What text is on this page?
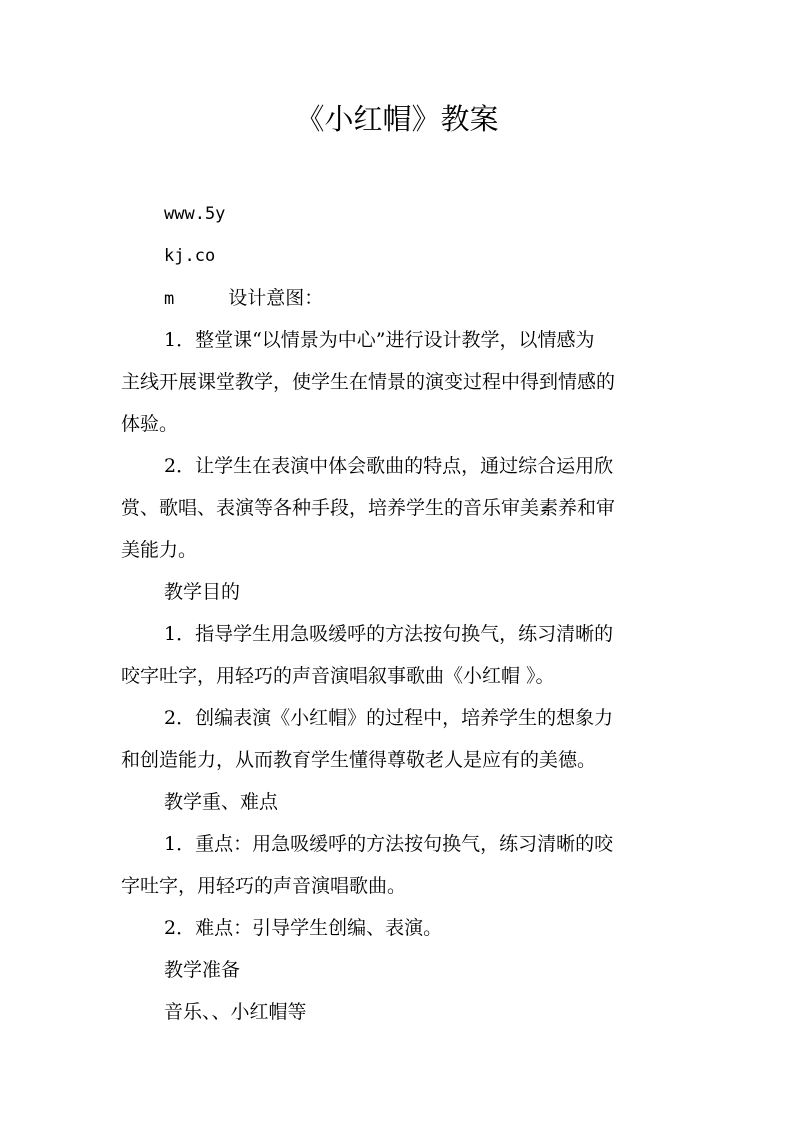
《小红帽》教案

www.5y

kj.co

m	设计意图：

1．整堂课“以情景为中心”进行设计教学，以情感为

主线开展课堂教学，使学生在情景的演变过程中得到情感的

体验。

2．让学生在表演中体会歌曲的特点，通过综合运用欣

赏、歌唱、表演等各种手段，培养学生的音乐审美素养和审

美能力。

教学目的

1．指导学生用急吸缓呼的方法按句换气，练习清晰的

咬字吐字，用轻巧的声音演唱叙事歌曲《小红帽 》。

2．创编表演《小红帽》的过程中，培养学生的想象力

和创造能力，从而教育学生懂得尊敬老人是应有的美德。

教学重、难点

1．重点：用急吸缓呼的方法按句换气，练习清晰的咬

字吐字，用轻巧的声音演唱歌曲。

2．难点：引导学生创编、表演。

教学准备

音乐、、小红帽等
